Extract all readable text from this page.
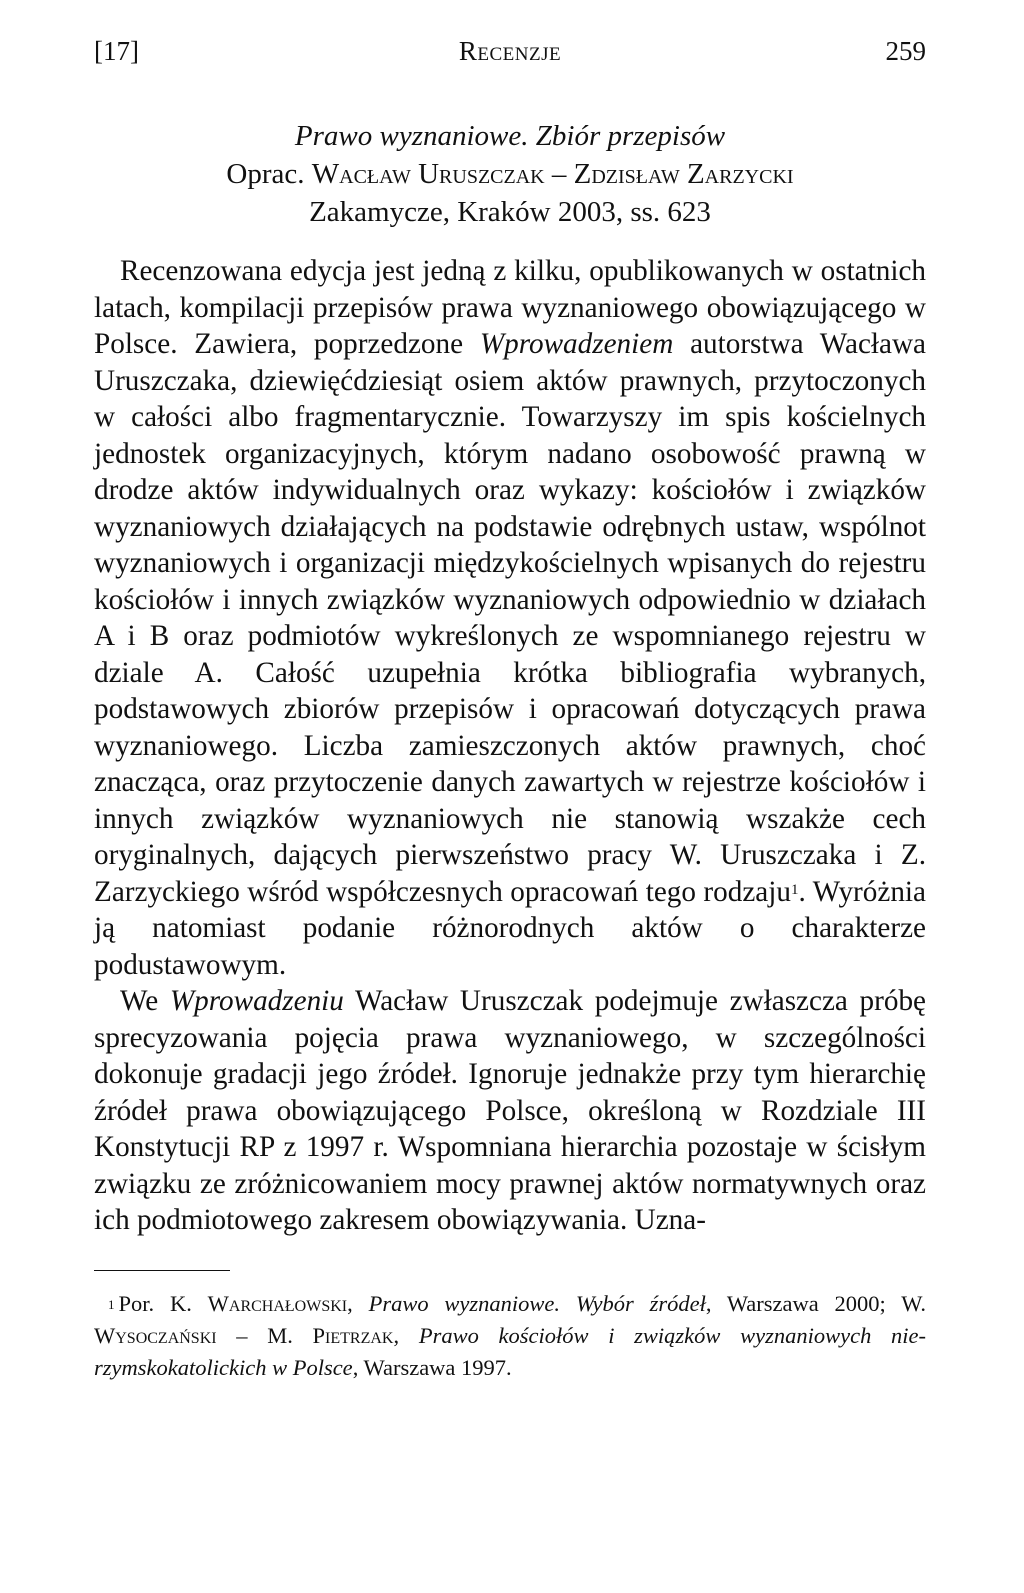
[17]	Recenzje	259
Prawo wyznaniowe. Zbiór przepisów
Oprac. Wacław Uruszczak – Zdzisław Zarzycki
Zakamycze, Kraków 2003, ss. 623

Recenzowana edycja jest jedną z kilku, opublikowanych w ostatnich latach, kompilacji przepisów prawa wyznaniowego obowiązującego w Polsce. Zawiera, poprzedzone Wprowadzeniem autorstwa Wacława Uruszczaka, dziewięćdziesiąt osiem aktów prawnych, przytoczonych w całości albo fragmentarycznie. Towarzyszy im spis kościelnych jednostek organizacyjnych, którym nadano osobowość prawną w drodze aktów indywidualnych oraz wykazy: kościołów i związków wyznaniowych działających na podstawie odrębnych ustaw, wspólnot wyznaniowych i organizacji międzykościelnych wpisanych do rejestru kościołów i innych związków wyznaniowych odpowiednio w działach A i B oraz podmiotów wykreślonych ze wspomnianego rejestru w dziale A. Całość uzupełnia krótka bibliografia wybranych, podstawowych zbiorów przepisów i opracowań dotyczących prawa wyznaniowego. Liczba zamieszczonych aktów prawnych, choć znacząca, oraz przytoczenie danych zawartych w rejestrze kościołów i innych związków wyznaniowych nie stanowią wszakże cech oryginalnych, dających pierwszeństwo pracy W. Uruszczaka i Z. Zarzyckiego wśród współczesnych opracowań tego rodzaju$^1$. Wyróżnia ją natomiast podanie różnorodnych aktów o charakterze podustawowym.

We Wprowadzeniu Wacław Uruszczak podejmuje zwłaszcza próbę sprecyzowania pojęcia prawa wyznaniowego, w szczególności dokonuje gradacji jego źródeł. Ignoruje jednakże przy tym hierarchię źródeł prawa obowiązującego Polsce, określoną w Rozdziale III Konstytucji RP z 1997 r. Wspomniana hierarchia pozostaje w ścisłym związku ze zróżnicowaniem mocy prawnej aktów normatywnych oraz ich podmiotowego zakresem obowiązywania. Uzna-

$^1$ Por. K. Warchałowski, Prawo wyznaniowe. Wybór źródeł, Warszawa 2000; W. Wysoczański – M. Pietrzak, Prawo kościołów i związków wyznaniowych nierzymskokatolickich w Polsce, Warszawa 1997.
